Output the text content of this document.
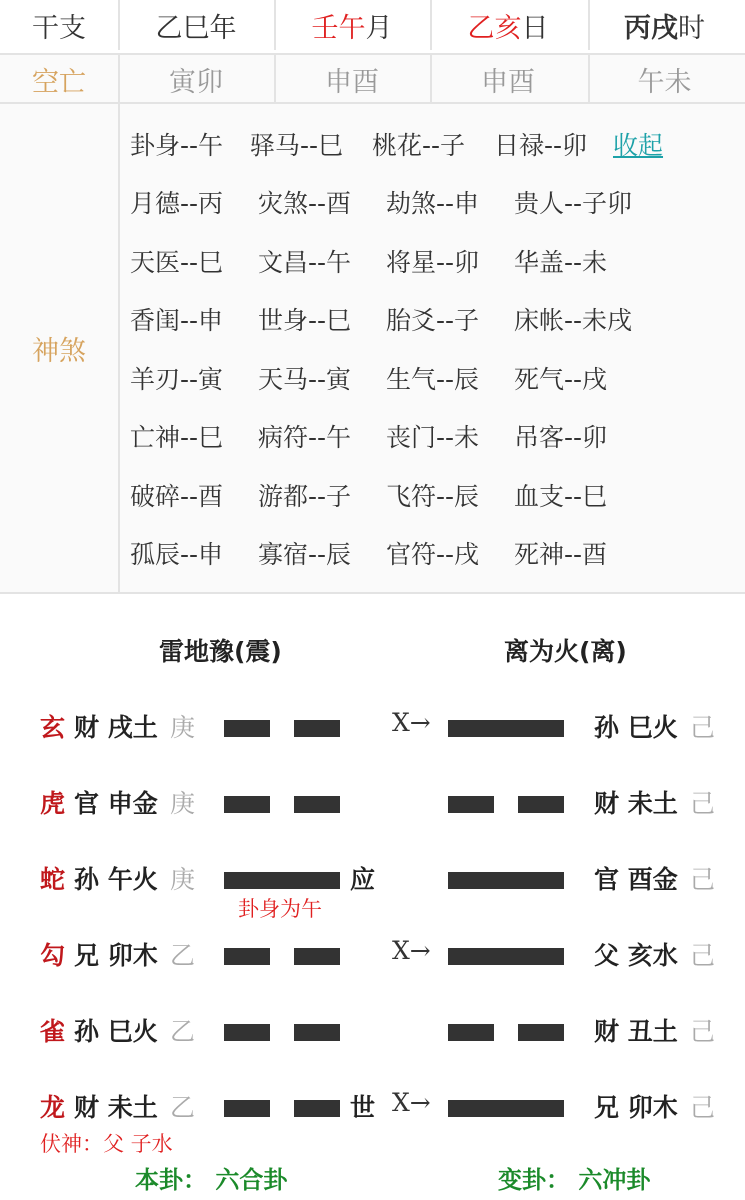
干支	乙巳 年	壬午 月	乙亥 日	丙戌 时
空亡	寅卯	申酉	申酉	午未
神煞
卦身--午 驿马--巳 桃花--子 日禄--卯 收起
月德--丙 灾煞--酉 劫煞--申 贵人--子卯
天医--巳 文昌--午 将星--卯 华盖--未
香闺--申 世身--巳 胎爻--子 床帐--未戌
羊刃--寅 天马--寅 生气--辰 死气--戌
亡神--巳 病符--午 丧门--未 吊客--卯
破碎--酉 游都--子 飞符--辰 血支--巳
孤辰--申 寡宿--辰 官符--戌 死神--酉
雷地豫(震)	离为火(离)
玄 财 戌土 庚	X→	孙 巳火 己
虎 官 申金 庚	财 未土 己
蛇 孙 午火 庚	应	官 酉金 己
卦身为午
勾 兄 卯木 乙	X→	父 亥水 己
雀 孙 巳火 乙	财 丑土 己
龙 财 未土 乙	世 X→	兄 卯木 己
伏神：父 子水
本卦： 六合卦	变卦： 六冲卦
